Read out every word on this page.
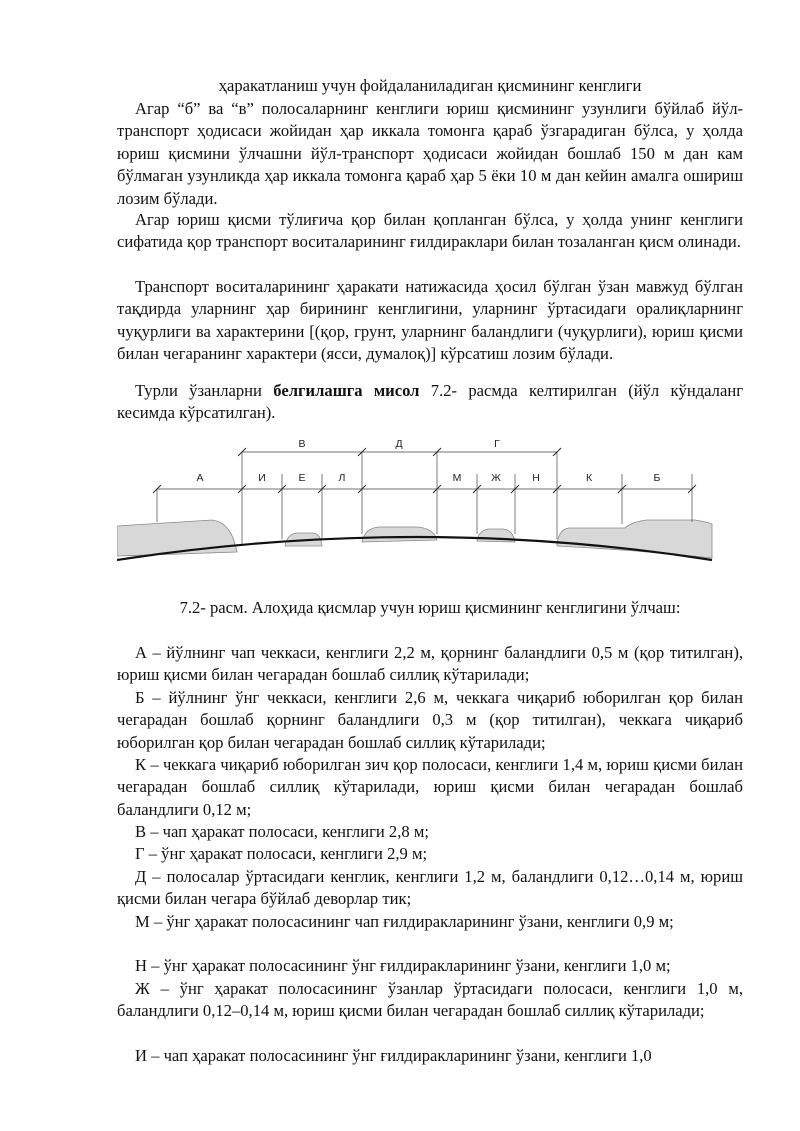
ҳаракатланиш учун фойдаланиладиган қисмининг кенглиги

Агар “б” ва “в” полосаларнинг кенглиги юриш қисмининг узунлиги бўйлаб йўл-транспорт ҳодисаси жойидан ҳар иккала томонга қараб ўзгарадиган бўлса, у ҳолда юриш қисмини ўлчашни йўл-транспорт ҳодисаси жойидан бошлаб 150 м дан кам бўлмаган узунликда ҳар иккала томонга қараб ҳар 5 ёки 10 м дан кейин амалга ошириш лозим бўлади.

Агар юриш қисми тўлиғича қор билан қопланган бўлса, у ҳолда унинг кенглиги сифатида қор транспорт воситаларининг ғилдираклари билан тозаланган қисм олинади.

Транспорт воситаларининг ҳаракати натижасида ҳосил бўлган ўзан мавжуд бўлган тақдирда уларнинг ҳар бирининг кенглигини, уларнинг ўртасидаги оралиқларнинг чуқурлиги ва характерини [(қор, грунт, уларнинг баландлиги (чуқурлиги), юриш қисми билан чегаранинг характери (ясси, думалоқ)] кўрсатиш лозим бўлади.

Турли ўзанларни белгилашга мисол 7.2- расмда келтирилган (йўл кўндаланг кесимда кўрсатилган).

В	Д	Г
А	И	Е	Л	М	Ж	Н	К	Б

7.2- расм. Алоҳида қисмлар учун юриш қисмининг кенглигини ўлчаш:

А – йўлнинг чап чеккаси, кенглиги 2,2 м, қорнинг баландлиги 0,5 м (қор титилган), юриш қисми билан чегарадан бошлаб силлиқ кўтарилади;

Б – йўлнинг ўнг чеккаси, кенглиги 2,6 м, чеккага чиқариб юборилган қор билан чегарадан бошлаб қорнинг баландлиги 0,3 м (қор титилган), чеккага чиқариб юборилган қор билан чегарадан бошлаб силлиқ кўтарилади;

К – чеккага чиқариб юборилган зич қор полосаси, кенглиги 1,4 м, юриш қисми билан чегарадан бошлаб силлиқ кўтарилади, юриш қисми билан чегарадан бошлаб баландлиги 0,12 м;

В – чап ҳаракат полосаси, кенглиги 2,8 м;

Г – ўнг ҳаракат полосаси, кенглиги 2,9 м;

Д – полосалар ўртасидаги кенглик, кенглиги 1,2 м, баландлиги 0,12…0,14 м, юриш қисми билан чегара бўйлаб деворлар тик;

М – ўнг ҳаракат полосасининг чап ғилдиракларининг ўзани, кенглиги 0,9 м;

Н – ўнг ҳаракат полосасининг ўнг ғилдиракларининг ўзани, кенглиги 1,0 м;

Ж – ўнг ҳаракат полосасининг ўзанлар ўртасидаги полосаси, кенглиги 1,0 м, баландлиги 0,12–0,14 м, юриш қисми билан чегарадан бошлаб силлиқ кўтарилади;

И – чап ҳаракат полосасининг ўнг ғилдиракларининг ўзани, кенглиги 1,0
